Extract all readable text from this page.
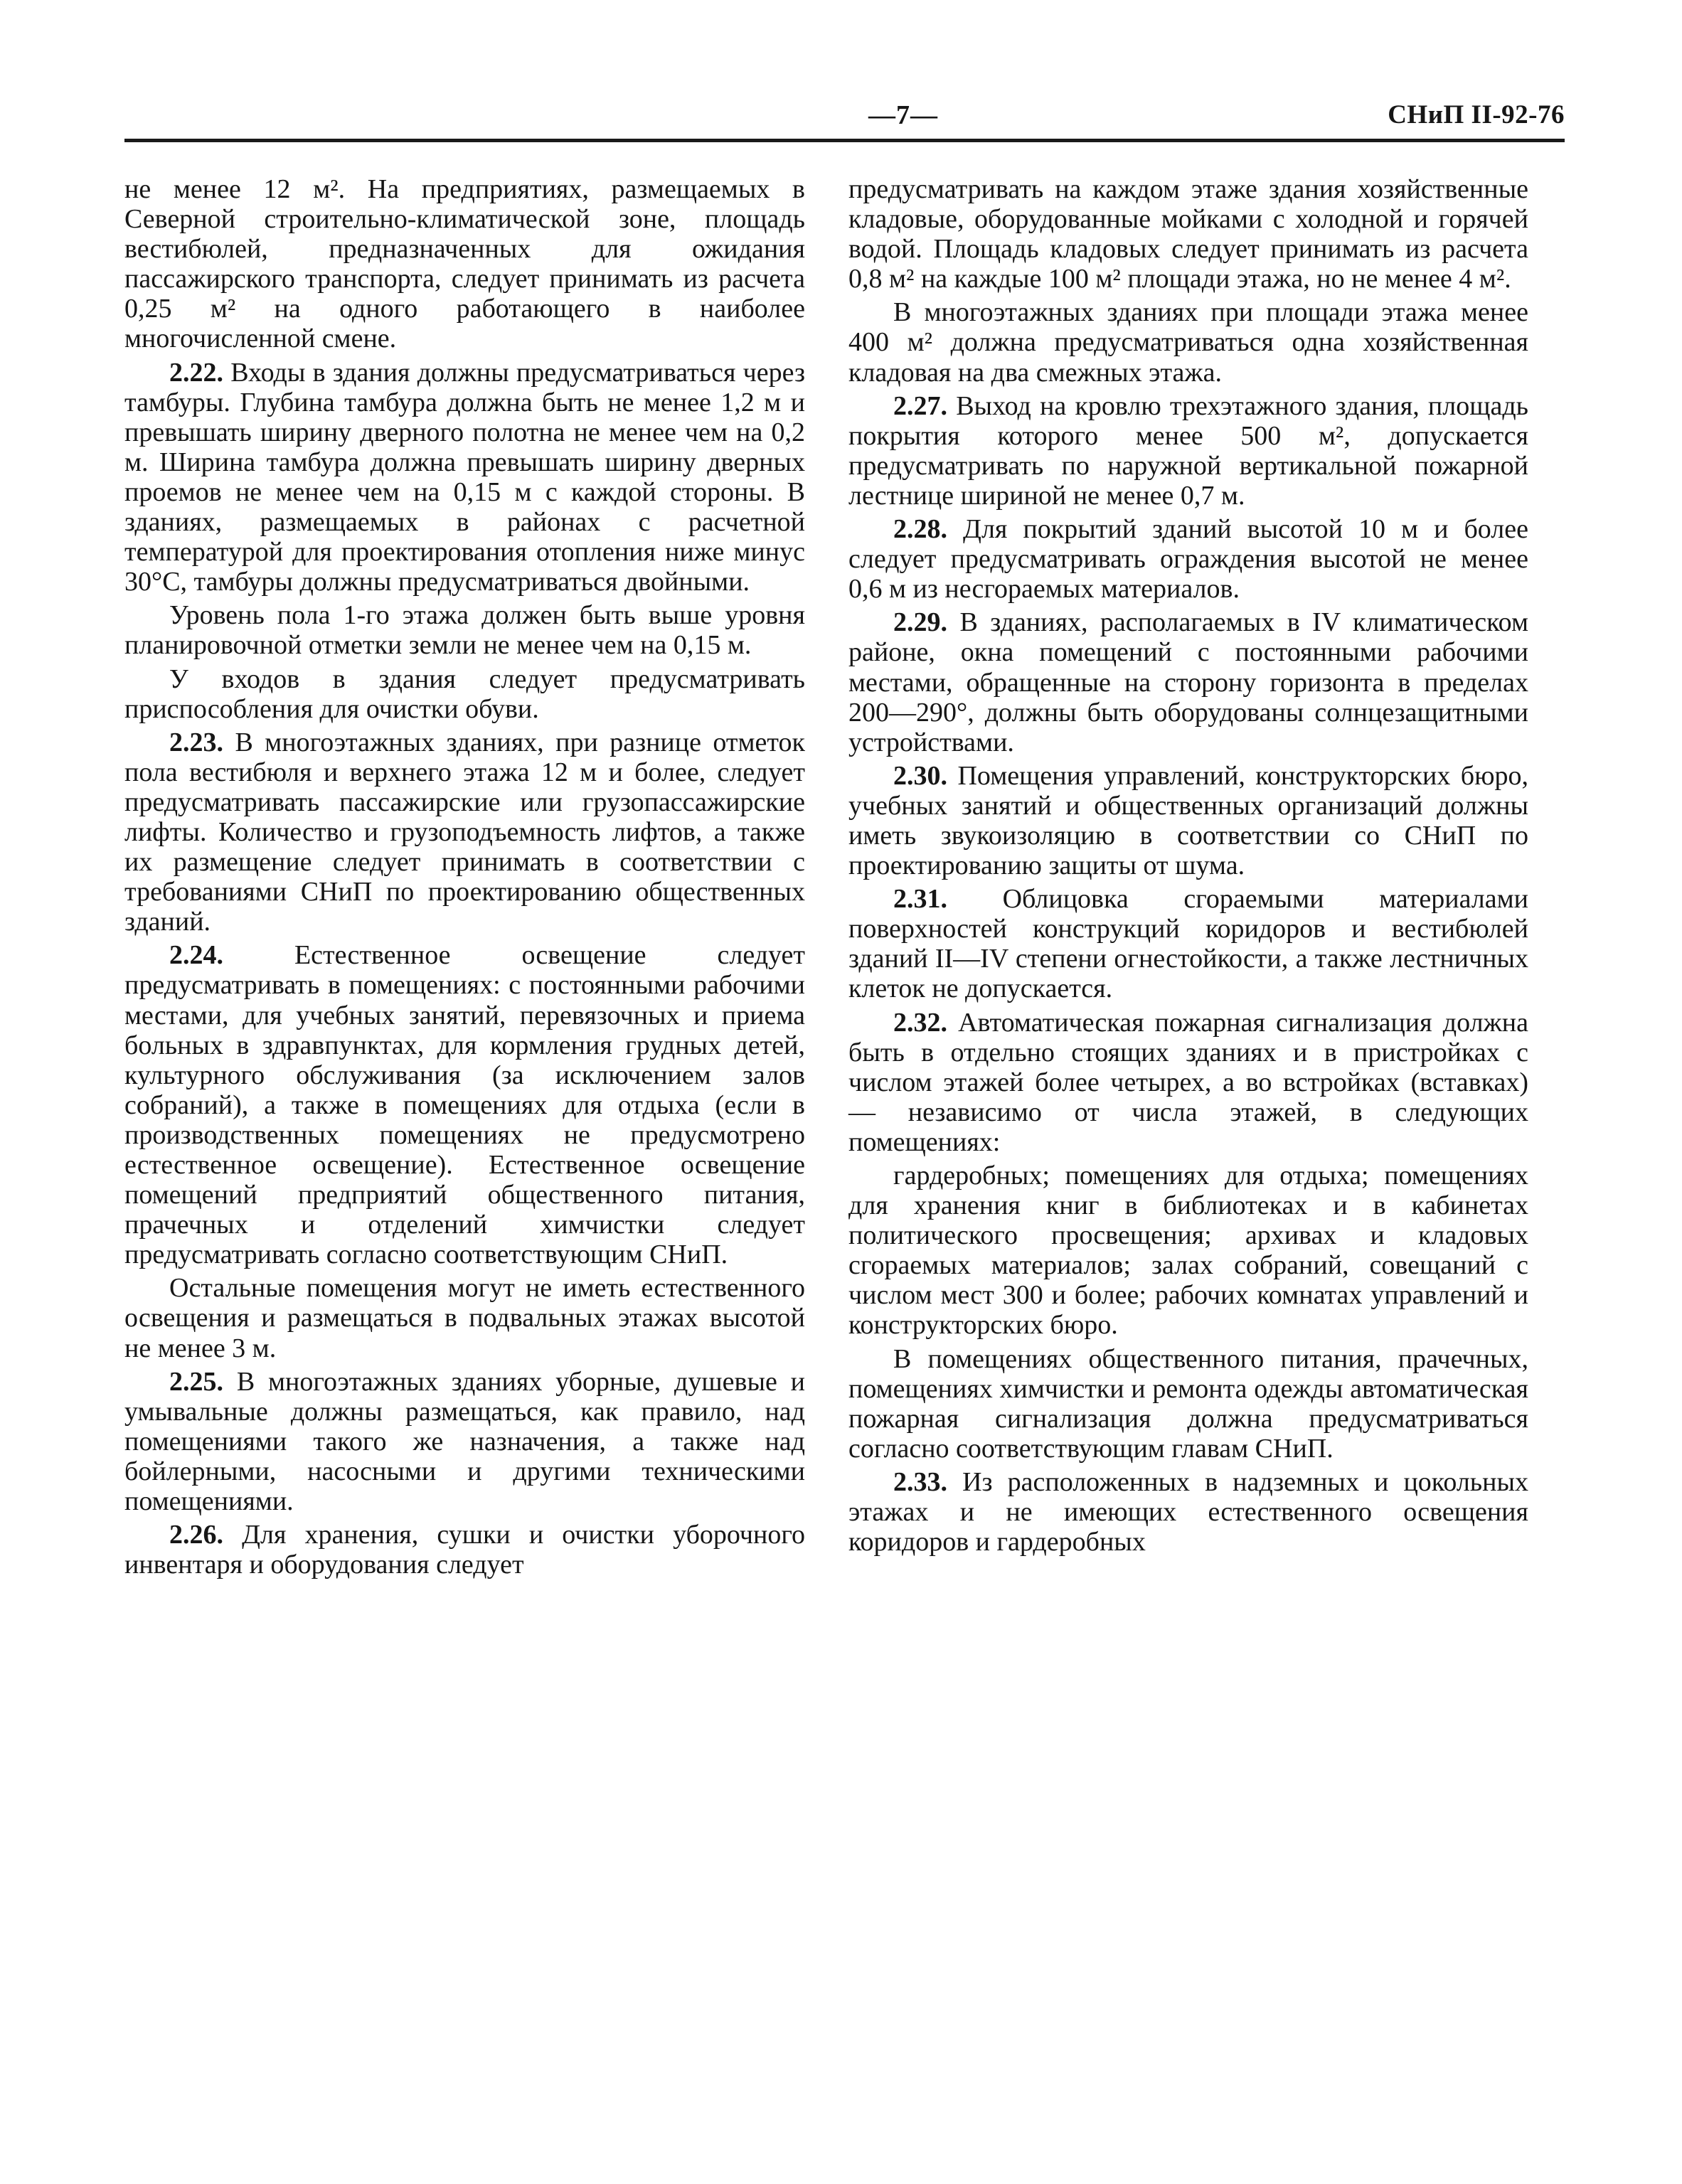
—7—	СНиП II-92-76

не менее 12 м². На предприятиях, размещаемых в Северной строительно-климатической зоне, площадь вестибюлей, предназначенных для ожидания пассажирского транспорта, следует принимать из расчета 0,25 м² на одного работающего в наиболее многочисленной смене.

2.22. Входы в здания должны предусматриваться через тамбуры. Глубина тамбура должна быть не менее 1,2 м и превышать ширину дверного полотна не менее чем на 0,2 м. Ширина тамбура должна превышать ширину дверных проемов не менее чем на 0,15 м с каждой стороны. В зданиях, размещаемых в районах с расчетной температурой для проектирования отопления ниже минус 30°С, тамбуры должны предусматриваться двойными.

Уровень пола 1-го этажа должен быть выше уровня планировочной отметки земли не менее чем на 0,15 м.

У входов в здания следует предусматривать приспособления для очистки обуви.

2.23. В многоэтажных зданиях, при разнице отметок пола вестибюля и верхнего этажа 12 м и более, следует предусматривать пассажирские или грузопассажирские лифты. Количество и грузоподъемность лифтов, а также их размещение следует принимать в соответствии с требованиями СНиП по проектированию общественных зданий.

2.24.	Естественное освещение следует предусматривать в помещениях: с постоянными рабочими местами, для учебных занятий, перевязочных и приема больных в здравпунктах, для кормления грудных детей, культурного обслуживания (за исключением залов собраний), а также в помещениях для отдыха (если в производственных помещениях не предусмотрено естественное освещение). Естественное освещение помещений предприятий общественного питания, прачечных и отделений химчистки следует предусматривать согласно соответствующим СНиП.

Остальные помещения могут не иметь естественного освещения и размещаться в подвальных этажах высотой не менее 3 м.

2.25. В многоэтажных зданиях уборные, душевые и умывальные должны размещаться, как правило, над помещениями такого же назначения, а также над бойлерными, насосными и другими техническими помещениями.

2.26. Для хранения, сушки и очистки уборочного инвентаря и оборудования следует

предусматривать на каждом этаже здания хозяйственные кладовые, оборудованные мойками с холодной и горячей водой. Площадь кладовых следует принимать из расчета 0,8 м² на каждые 100 м² площади этажа, но не менее 4 м².

В многоэтажных зданиях при площади этажа менее 400 м² должна предусматриваться одна хозяйственная кладовая на два смежных этажа.

2.27. Выход на кровлю трехэтажного здания, площадь покрытия которого менее 500 м², допускается предусматривать по наружной вертикальной пожарной лестнице шириной не менее 0,7 м.

2.28. Для покрытий зданий высотой 10 м и более следует предусматривать ограждения высотой не менее 0,6 м из несгораемых материалов.

2.29. В зданиях, располагаемых в IV климатическом районе, окна помещений с постоянными рабочими местами, обращенные на сторону горизонта в пределах 200—290°, должны быть оборудованы солнцезащитными устройствами.

2.30. Помещения управлений, конструкторских бюро, учебных занятий и общественных организаций должны иметь звукоизоляцию в соответствии со СНиП по проектированию защиты от шума.

2.31. Облицовка сгораемыми материалами поверхностей конструкций коридоров и вестибюлей зданий II—IV степени огнестойкости, а также лестничных клеток не допускается.

2.32. Автоматическая пожарная сигнализация должна быть в отдельно стоящих зданиях и в пристройках с числом этажей более четырех, а во встройках (вставках) — независимо от числа этажей, в следующих помещениях:

гардеробных; помещениях для отдыха; помещениях для хранения книг в библиотеках и в кабинетах политического просвещения; архивах и кладовых сгораемых материалов; залах собраний, совещаний с числом мест 300 и более; рабочих комнатах управлений и конструкторских бюро.

В помещениях общественного питания, прачечных, помещениях химчистки и ремонта одежды автоматическая пожарная сигнализация должна предусматриваться согласно соответствующим главам СНиП.

2.33. Из расположенных в надземных и цокольных этажах и не имеющих естественного освещения коридоров и гардеробных
